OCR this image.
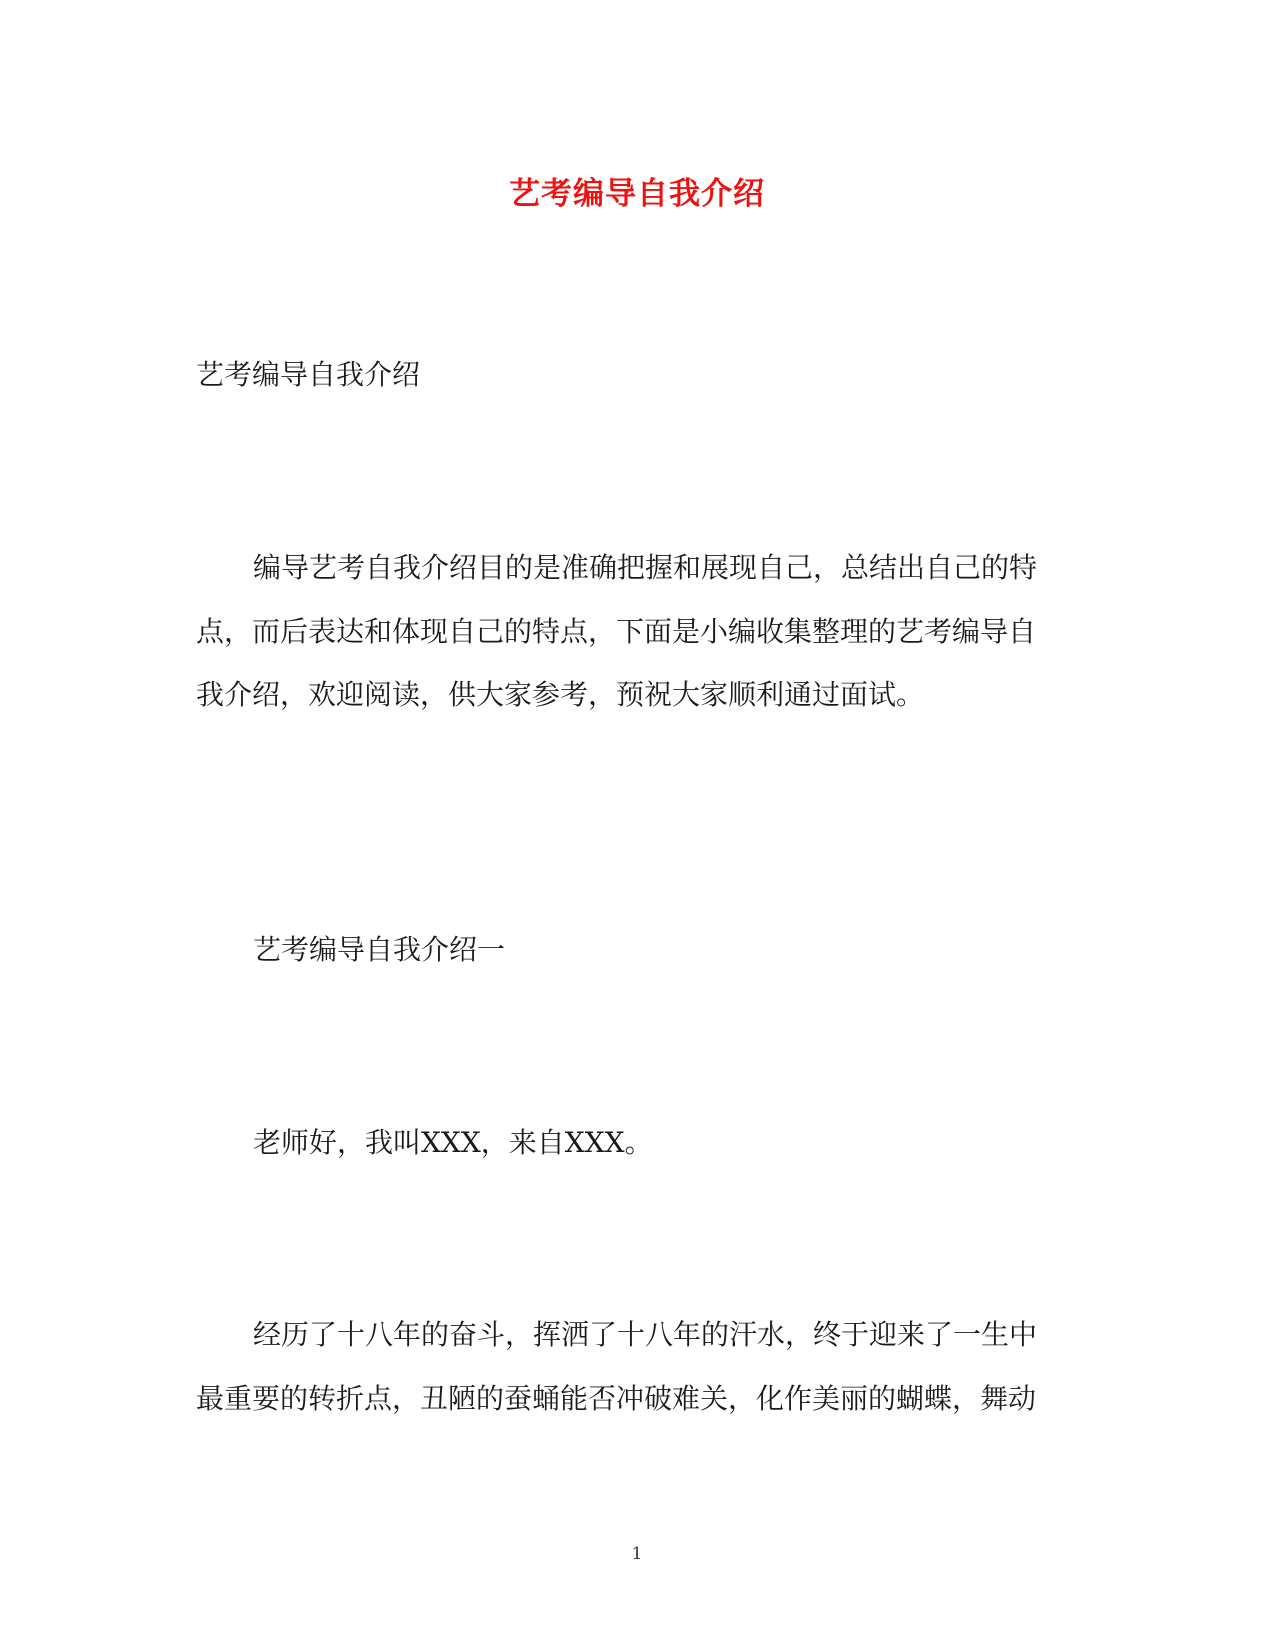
艺考编导自我介绍

艺考编导自我介绍

编导艺考自我介绍目的是准确把握和展现自己，总结出自己的特

点，而后表达和体现自己的特点，下面是小编收集整理的艺考编导自

我介绍，欢迎阅读，供大家参考，预祝大家顺利通过面试。

艺考编导自我介绍一

老师好，我叫XXX，来自XXX。

经历了十八年的奋斗，挥洒了十八年的汗水，终于迎来了一生中

最重要的转折点，丑陋的蚕蛹能否冲破难关，化作美丽的蝴蝶，舞动

1
